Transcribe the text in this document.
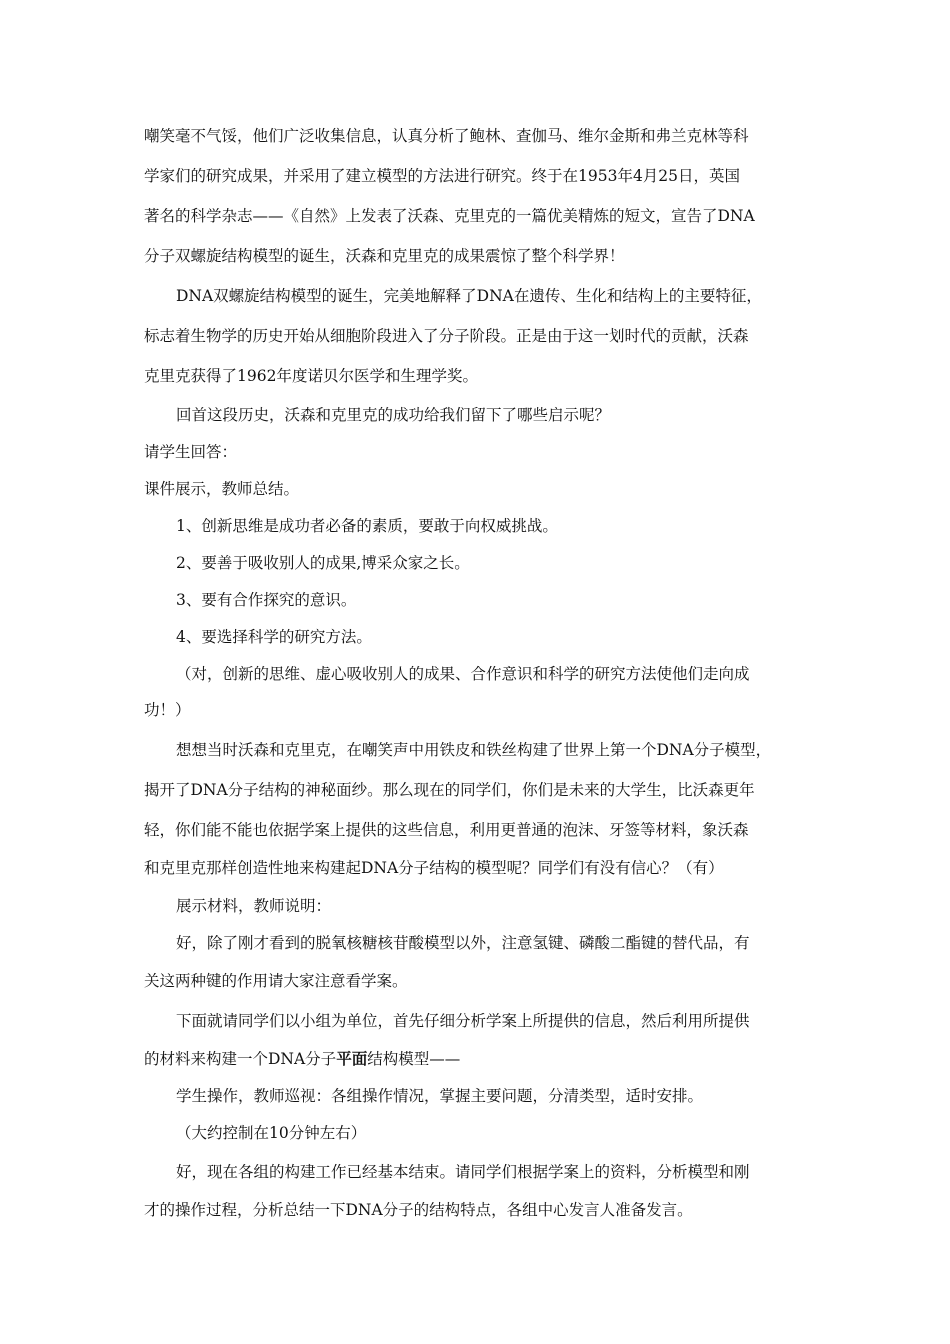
嘲笑毫不气馁，他们广泛收集信息，认真分析了鲍林、查伽马、维尔金斯和弗兰克林等科
学家们的研究成果，并采用了建立模型的方法进行研究。终于在1953年4月25日，英国
著名的科学杂志——《自然》上发表了沃森、克里克的一篇优美精炼的短文，宣告了DNA
分子双螺旋结构模型的诞生，沃森和克里克的成果震惊了整个科学界！
DNA双螺旋结构模型的诞生，完美地解释了DNA在遗传、生化和结构上的主要特征，
标志着生物学的历史开始从细胞阶段进入了分子阶段。正是由于这一划时代的贡献，沃森
克里克获得了1962年度诺贝尔医学和生理学奖。
回首这段历史，沃森和克里克的成功给我们留下了哪些启示呢？
请学生回答：
课件展示，教师总结。
1、创新思维是成功者必备的素质，要敢于向权威挑战。
2、要善于吸收别人的成果,博采众家之长。
3、要有合作探究的意识。
4、要选择科学的研究方法。
（对，创新的思维、虚心吸收别人的成果、合作意识和科学的研究方法使他们走向成
功！）
想想当时沃森和克里克，在嘲笑声中用铁皮和铁丝构建了世界上第一个DNA分子模型，
揭开了DNA分子结构的神秘面纱。那么现在的同学们，你们是未来的大学生，比沃森更年
轻，你们能不能也依据学案上提供的这些信息，利用更普通的泡沫、牙签等材料，象沃森
和克里克那样创造性地来构建起DNA分子结构的模型呢？同学们有没有信心？（有）
展示材料，教师说明：
好，除了刚才看到的脱氧核糖核苷酸模型以外，注意氢键、磷酸二酯键的替代品，有
关这两种键的作用请大家注意看学案。
下面就请同学们以小组为单位，首先仔细分析学案上所提供的信息，然后利用所提供
的材料来构建一个DNA分子平面结构模型——
学生操作，教师巡视：各组操作情况，掌握主要问题，分清类型，适时安排。
（大约控制在10分钟左右）
好，现在各组的构建工作已经基本结束。请同学们根据学案上的资料，分析模型和刚
才的操作过程，分析总结一下DNA分子的结构特点，各组中心发言人准备发言。
